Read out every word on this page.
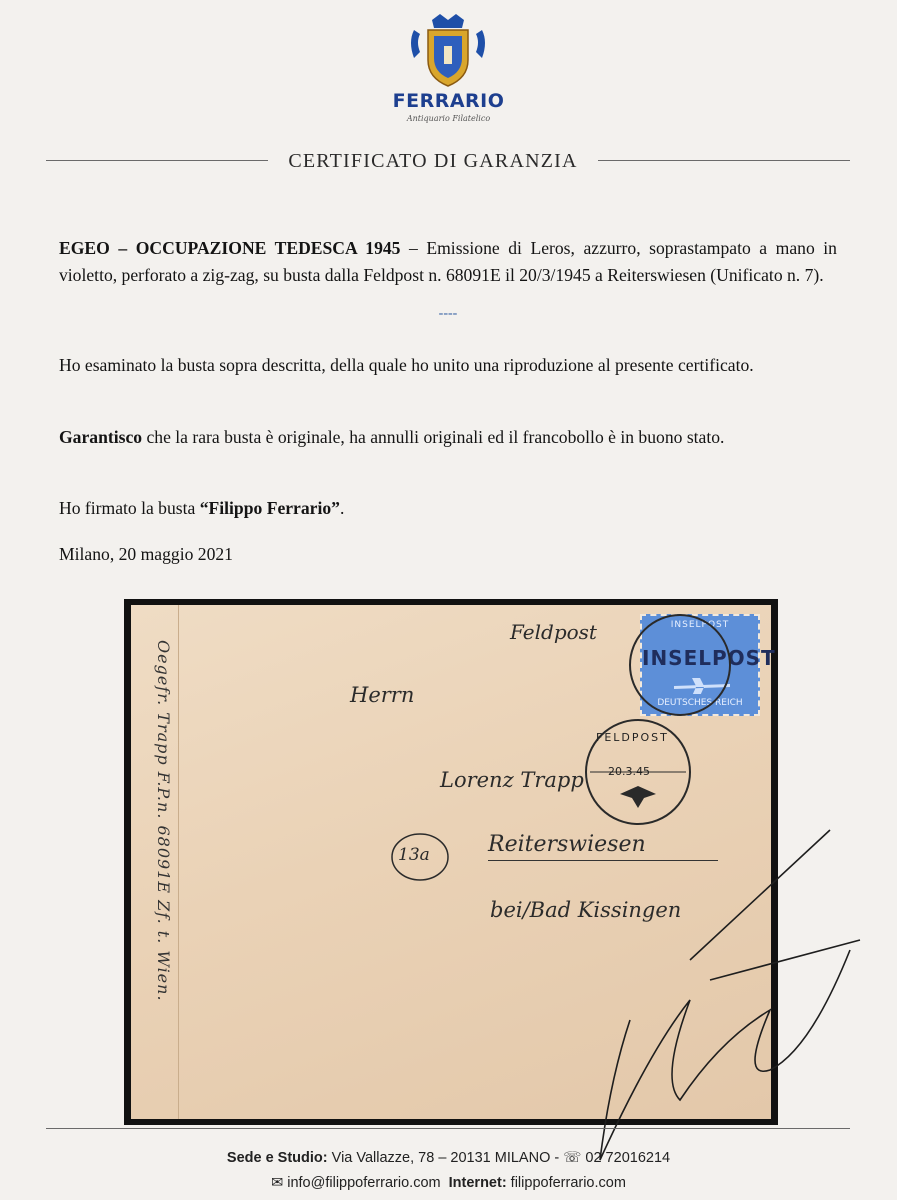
FERRARIO
Antiquario Filatelico
CERTIFICATO DI GARANZIA
EGEO – OCCUPAZIONE TEDESCA 1945 – Emissione di Leros, azzurro, soprastampato a mano in violetto, perforato a zig-zag, su busta dalla Feldpost n. 68091E il 20/3/1945 a Reiterswiesen (Unificato n. 7).
----
Ho esaminato la busta sopra descritta, della quale ho unito una riproduzione al presente certificato.
Garantisco che la rara busta è originale, ha annulli originali ed il francobollo è in buono stato.
Ho firmato la busta “Filippo Ferrario”.
Milano, 20 maggio 2021
Oegefr. Trapp F.P.n. 68091E Zf. t. Wien.
Feldpost	INSELPOST
INSELPOST
DEUTSCHES REICH
FELDPOST
20.3.45
Herrn
Lorenz Trapp
Reiterswiesen
bei/Bad Kissingen
13a
Sede e Studio: Via Vallazze, 78 – 20131 MILANO - ☏ 02 72016214
✉ info@filippoferrario.com Internet: filippoferrario.com
